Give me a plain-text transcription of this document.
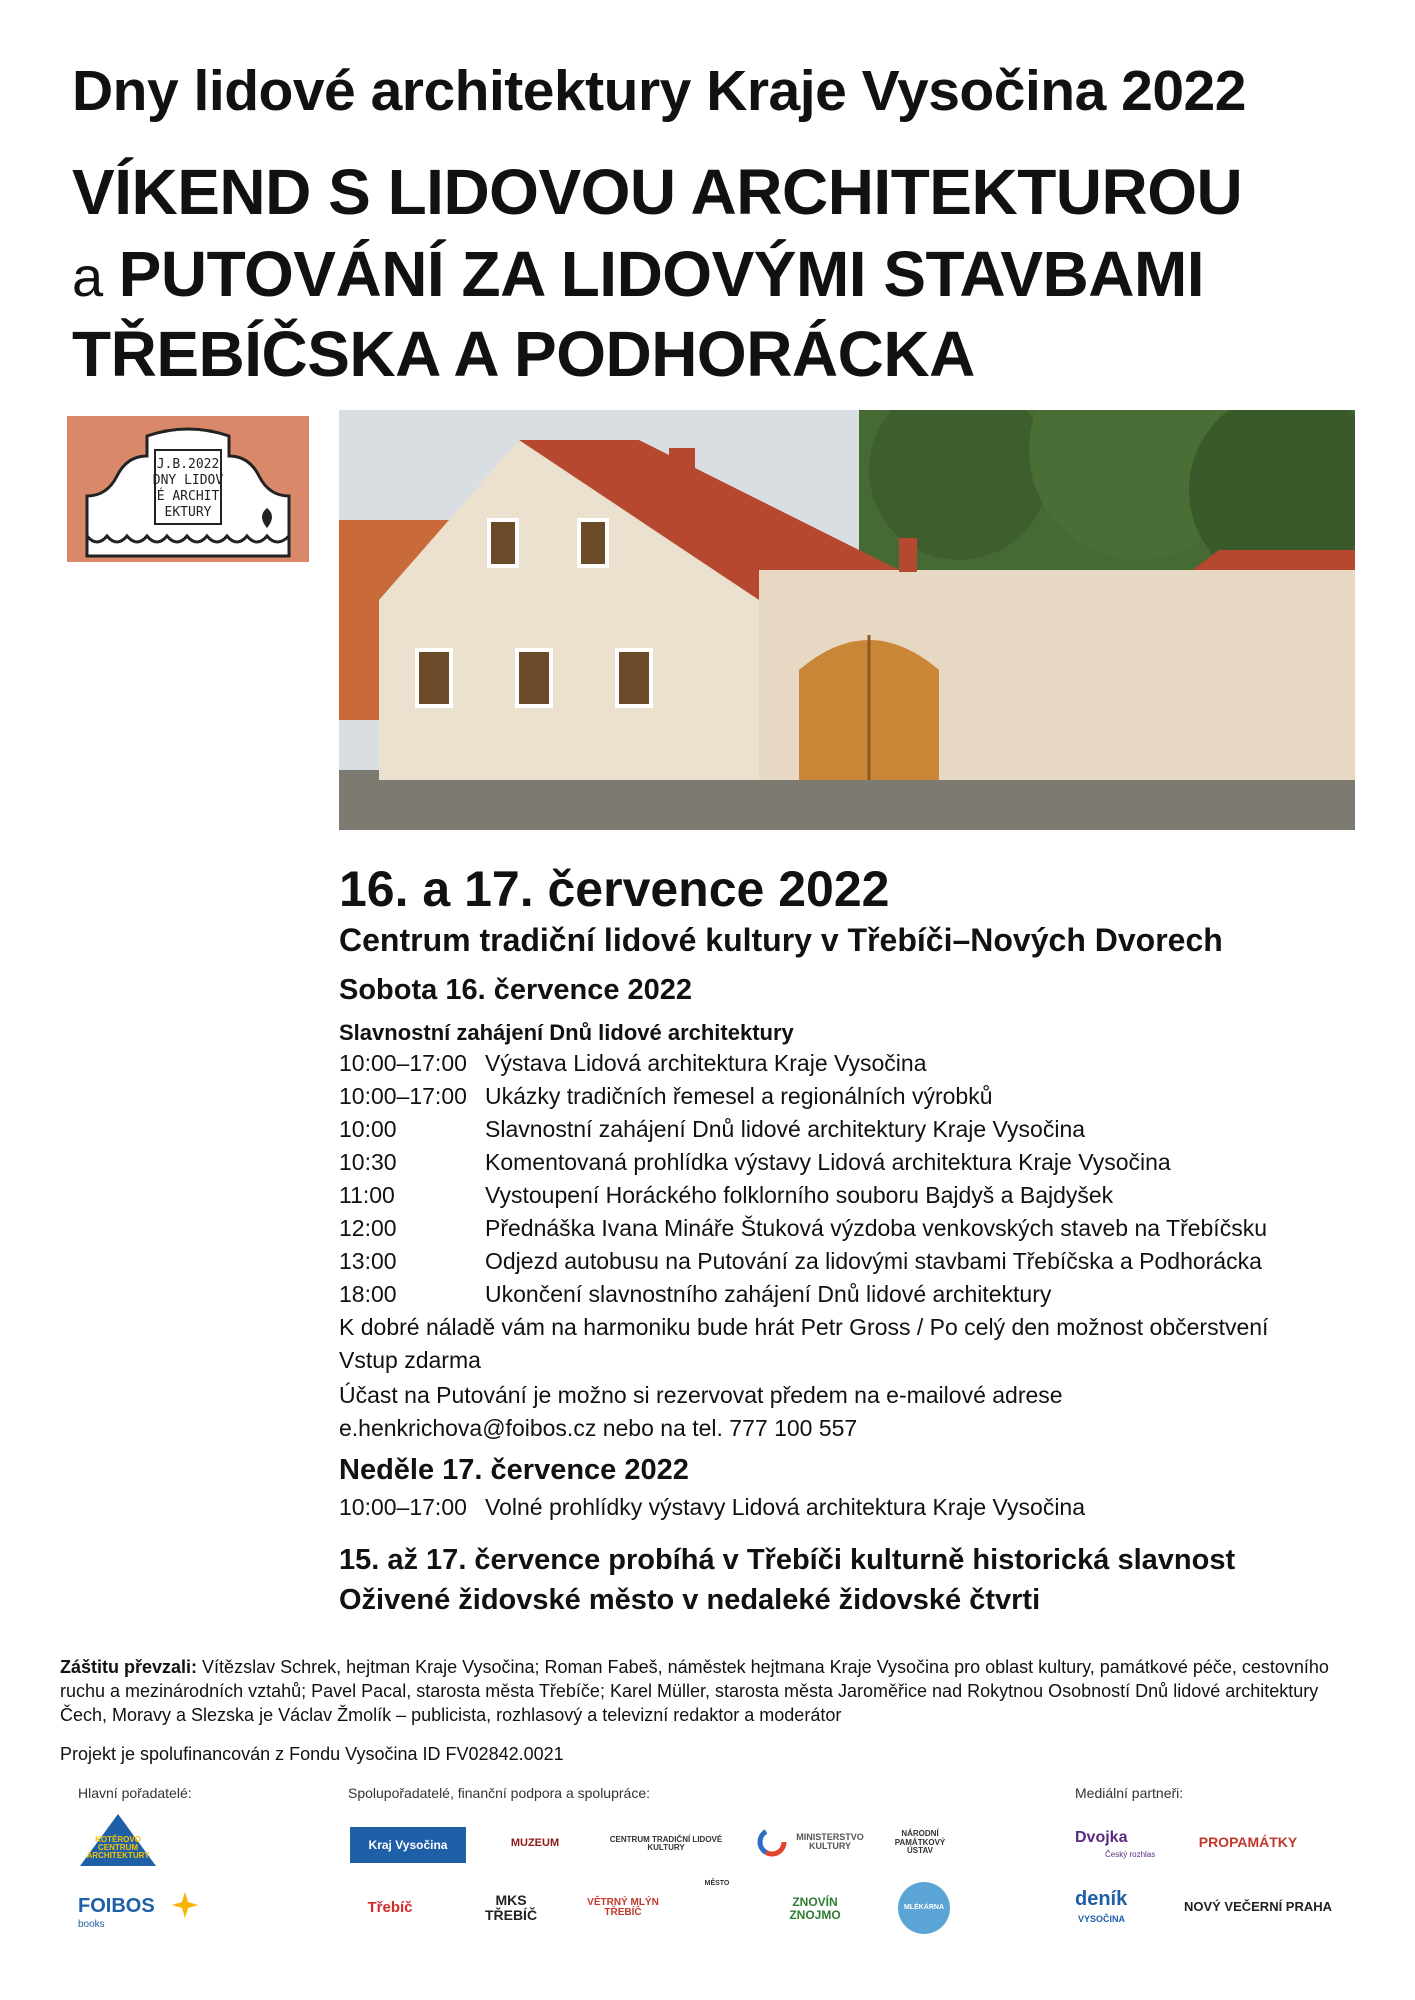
Dny lidové architektury Kraje Vysočina 2022
VÍKEND S LIDOVOU ARCHITEKTUROU
a PUTOVÁNÍ ZA LIDOVÝMI STAVBAMI
TŘEBÍČSKA A PODHORÁCKA
J.B.2022
DNY LIDOV
É ARCHIT
EKTURY
16. a 17. července 2022
Centrum tradiční lidové kultury v Třebíči–Nových Dvorech
Sobota 16. července 2022
Slavnostní zahájení Dnů lidové architektury
10:00–17:00 Výstava Lidová architektura Kraje Vysočina
10:00–17:00 Ukázky tradičních řemesel a regionálních výrobků
10:00	Slavnostní zahájení Dnů lidové architektury Kraje Vysočina
10:30	Komentovaná prohlídka výstavy Lidová architektura Kraje Vysočina
11:00	Vystoupení Horáckého folklorního souboru Bajdyš a Bajdyšek
12:00	Přednáška Ivana Mináře Štuková výzdoba venkovských staveb na Třebíčsku
13:00	Odjezd autobusu na Putování za lidovými stavbami Třebíčska a Podhorácka
18:00	Ukončení slavnostního zahájení Dnů lidové architektury
K dobré náladě vám na harmoniku bude hrát Petr Gross / Po celý den možnost občerstvení
Vstup zdarma
Účast na Putování je možno si rezervovat předem na e-mailové adrese
e.henkrichova@foibos.cz nebo na tel. 777 100 557
Neděle 17. července 2022
10:00–17:00 Volné prohlídky výstavy Lidová architektura Kraje Vysočina
15. až 17. července probíhá v Třebíči kulturně historická slavnost
Oživené židovské město v nedaleké židovské čtvrti
Záštitu převzali: Vítězslav Schrek, hejtman Kraje Vysočina; Roman Fabeš, náměstek hejtmana Kraje Vysočina pro oblast kultury, památkové péče, cestovního ruchu a mezinárodních vztahů; Pavel Pacal, starosta města Třebíče; Karel Müller, starosta města Jaroměřice nad Rokytnou Osobností Dnů lidové architektury Čech, Moravy a Slezska je Václav Žmolík – publicista, rozhlasový a televizní redaktor a moderátor
Projekt je spolufinancován z Fondu Vysočina ID FV02842.0021
Hlavní pořadatelé:	Spolupořadatelé, finanční podpora a spolupráce:	Mediální partneři:
KOTĚROVO CENTRUM ARCHITEKTURY
FOIBOS
books
Kraj Vysočina	MUZEUM	CENTRUM TRADIČNÍ LIDOVÉ KULTURY
MINISTERSTVO KULTURY
NÁRODNÍ PAMÁTKOVÝ ÚSTAV
Třebíč	MKS TŘEBÍČ
VĚTRNÝ MLÝN TŘEBÍČ
MĚSTO
ZNOVÍN ZNOJMO
MLÉKÁRNA
Dvojka
Český rozhlas
PROPAMÁTKY
deník
VYSOČINA
NOVÝ VEČERNÍ PRAHA
